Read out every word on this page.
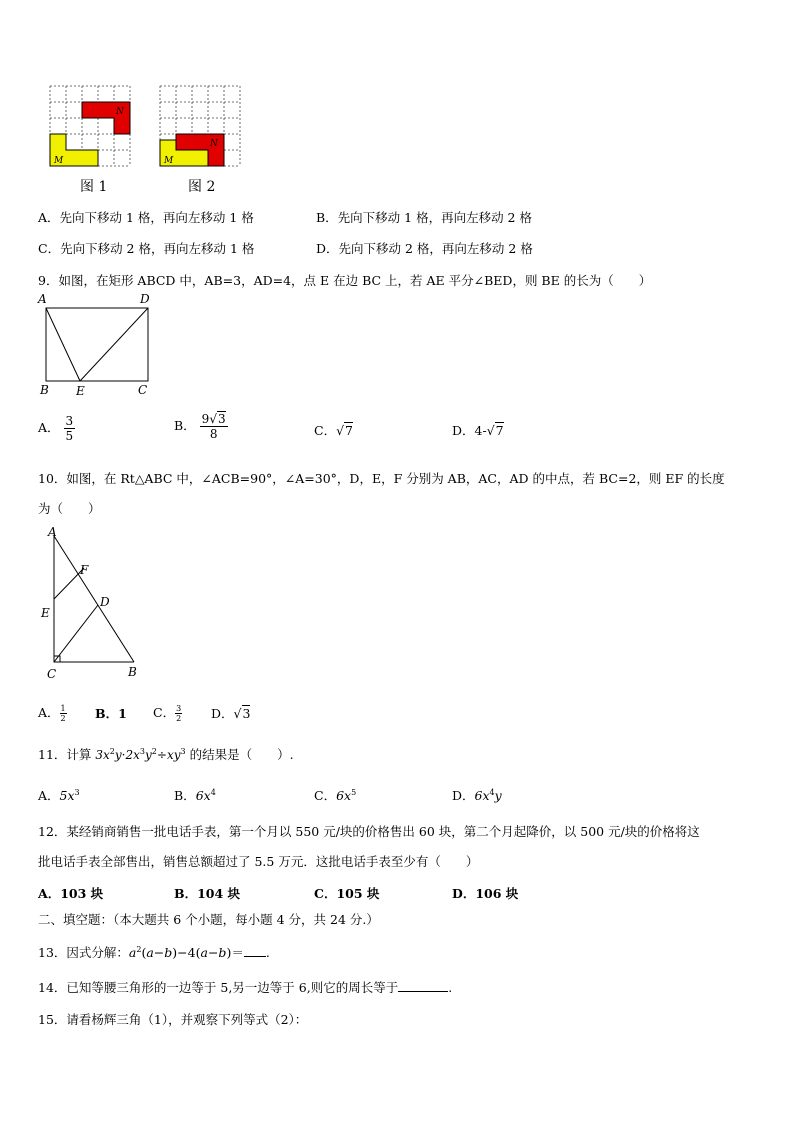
N
M
图 1
N
M
图 2
A．先向下移动 1 格，再向左移动 1 格	B．先向下移动 1 格，再向左移动 2 格
C．先向下移动 2 格，再向左移动 1 格	D．先向下移动 2 格，再向左移动 2 格
9．如图，在矩形 ABCD 中，AB=3，AD=4，点 E 在边 BC 上，若 AE 平分∠BED，则 BE 的长为（　　）
A	D
B E	C
A． $\frac{3}{5}$	B． $\frac{9√3}{8}$	C．√7	D．4-√7
10．如图，在 Rt△ABC 中，∠ACB=90°，∠A=30°，D，E，F 分别为 AB，AC，AD 的中点，若 BC=2，则 EF 的长度
为（　　）
A
F
D
E
C	B
A． $\frac{1}{2}$ B．1 C． $\frac{3}{2}$ D．√3
11．计算 $3x^2y\cdot 2x^3y^2\div xy^3$ 的结果是（　　）.
A．$5x^3$	B．$6x^4$	C．$6x^5$	D．$6x^4y$
12．某经销商销售一批电话手表，第一个月以 550 元/块的价格售出 60 块，第二个月起降价，以 500 元/块的价格将这
批电话手表全部售出，销售总额超过了 5.5 万元．这批电话手表至少有（　　）
A．103 块	B．104 块	C．105 块	D．106 块
二、填空题：（本大题共 6 个小题，每小题 4 分，共 24 分.）
13．因式分解：$a^2(a-b)-4(a-b)=$ .
14．已知等腰三角形的一边等于 5,另一边等于 6,则它的周长等于	.
15．请看杨辉三角（1），并观察下列等式（2）：
